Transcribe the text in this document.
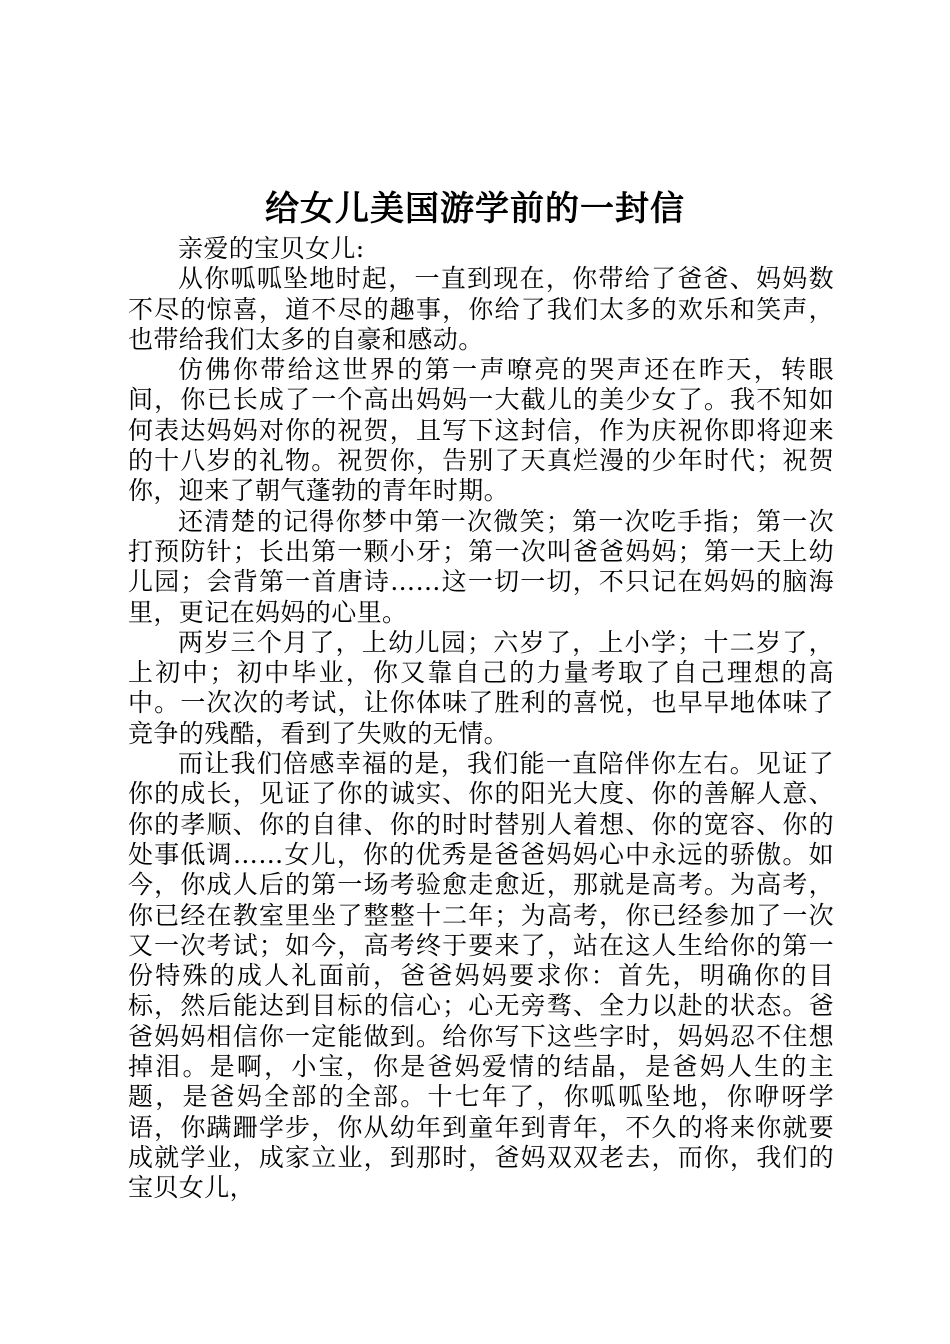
给女儿美国游学前的一封信

亲爱的宝贝女儿:

从你呱呱坠地时起，一直到现在，你带给了爸爸、妈妈数不尽的惊喜，道不尽的趣事，你给了我们太多的欢乐和笑声，也带给我们太多的自豪和感动。

仿佛你带给这世界的第一声嘹亮的哭声还在昨天，转眼间，你已长成了一个高出妈妈一大截儿的美少女了。我不知如何表达妈妈对你的祝贺，且写下这封信，作为庆祝你即将迎来的十八岁的礼物。祝贺你，告别了天真烂漫的少年时代；祝贺你，迎来了朝气蓬勃的青年时期。

还清楚的记得你梦中第一次微笑；第一次吃手指；第一次打预防针；长出第一颗小牙；第一次叫爸爸妈妈；第一天上幼儿园；会背第一首唐诗……这一切一切，不只记在妈妈的脑海里，更记在妈妈的心里。

两岁三个月了，上幼儿园；六岁了，上小学；十二岁了，上初中；初中毕业，你又靠自己的力量考取了自己理想的高中。一次次的考试，让你体味了胜利的喜悦，也早早地体味了竞争的残酷，看到了失败的无情。

而让我们倍感幸福的是，我们能一直陪伴你左右。见证了你的成长，见证了你的诚实、你的阳光大度、你的善解人意、你的孝顺、你的自律、你的时时替别人着想、你的宽容、你的处事低调……女儿，你的优秀是爸爸妈妈心中永远的骄傲。如今，你成人后的第一场考验愈走愈近，那就是高考。为高考，你已经在教室里坐了整整十二年；为高考，你已经参加了一次又一次考试；如今，高考终于要来了，站在这人生给你的第一份特殊的成人礼面前，爸爸妈妈要求你：首先，明确你的目标，然后能达到目标的信心；心无旁骛、全力以赴的状态。爸爸妈妈相信你一定能做到。给你写下这些字时，妈妈忍不住想掉泪。是啊，小宝，你是爸妈爱情的结晶，是爸妈人生的主题，是爸妈全部的全部。十七年了，你呱呱坠地，你咿呀学语，你蹒跚学步，你从幼年到童年到青年，不久的将来你就要成就学业，成家立业，到那时，爸妈双双老去，而你，我们的宝贝女儿，
